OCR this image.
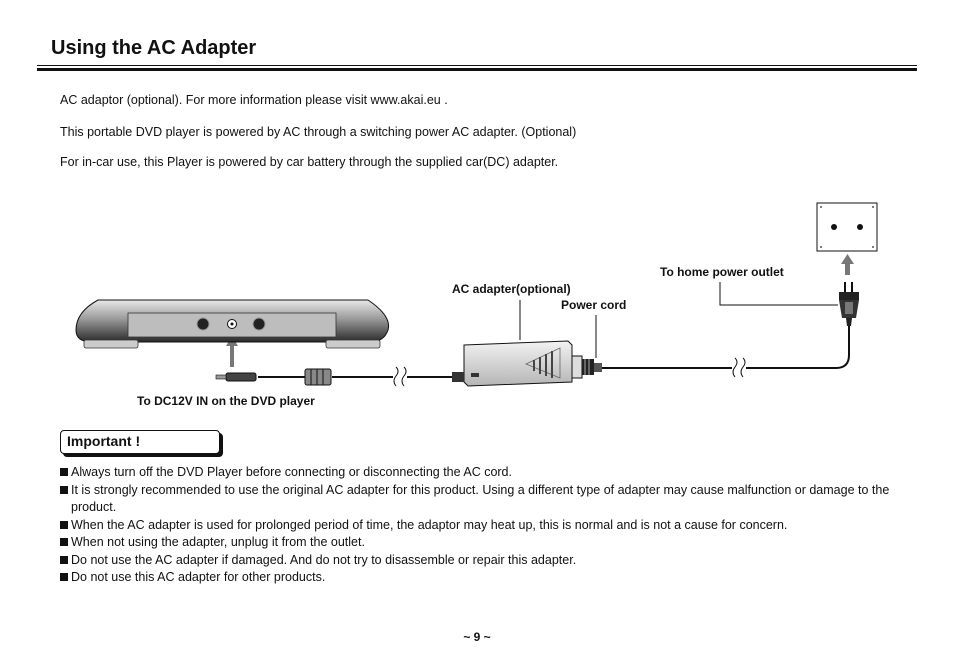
Using the AC Adapter
AC adaptor (optional). For more information please visit www.akai.eu .
This portable DVD player is powered by AC through a switching power AC adapter. (Optional)
For in-car use, this Player is powered by car battery through the supplied car(DC) adapter.
To home power outlet
AC adapter(optional)
Power cord
To DC12V IN on the DVD player
Important !

Always turn off the DVD Player before connecting or disconnecting the AC cord.

It is strongly recommended to use the original AC adapter for this product. Using a different type of adapter may cause malfunction or damage to the product.

When the AC adapter is used for prolonged period of time, the adaptor may heat up, this is normal and is not a cause for concern.

When not using the adapter, unplug it from the outlet.

Do not use the AC adapter if damaged. And do not try to disassemble or repair this adapter.

Do not use this AC adapter for other products.

~ 9 ~
